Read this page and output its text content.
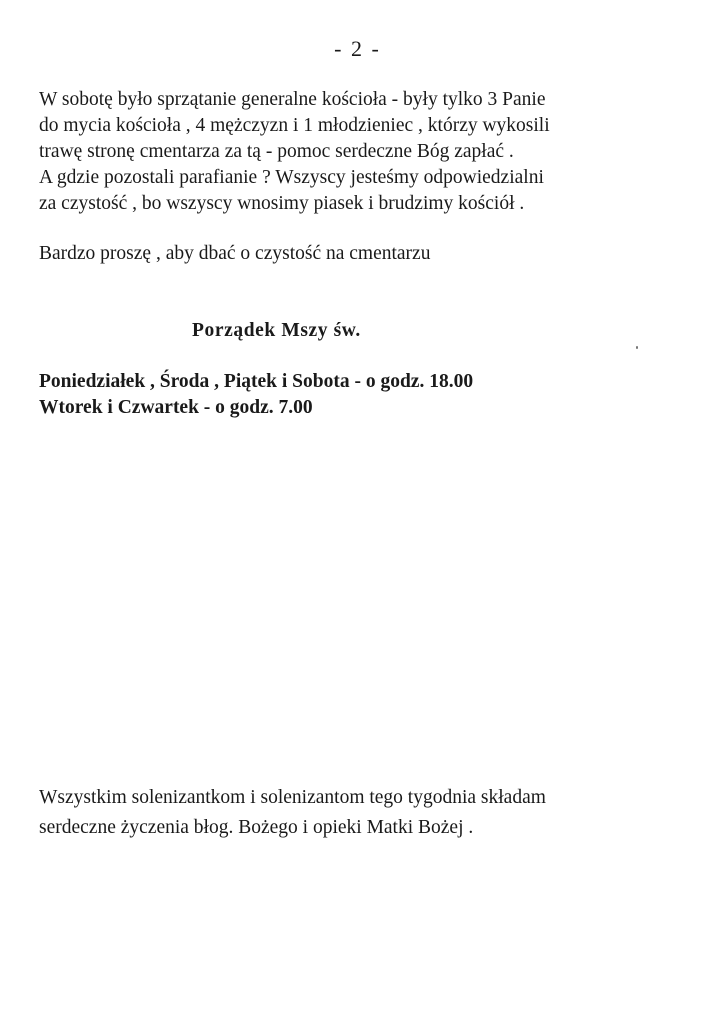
- 2 -

W sobotę było sprzątanie generalne kościoła - były tylko 3 Panie

do mycia kościoła , 4 mężczyzn i 1 młodzieniec , którzy wykosili

trawę stronę cmentarza za tą - pomoc serdeczne Bóg zapłać .

A gdzie pozostali parafianie ? Wszyscy jesteśmy odpowiedzialni

za czystość , bo wszyscy wnosimy piasek i brudzimy kościół .

Bardzo proszę , aby dbać o czystość na cmentarzu

Porządek Mszy św.

Poniedziałek , Środa , Piątek i Sobota - o godz. 18.00

Wtorek i Czwartek - o godz. 7.00

Wszystkim solenizantkom i solenizantom tego tygodnia składam

serdeczne życzenia błog. Bożego i opieki Matki Bożej .
